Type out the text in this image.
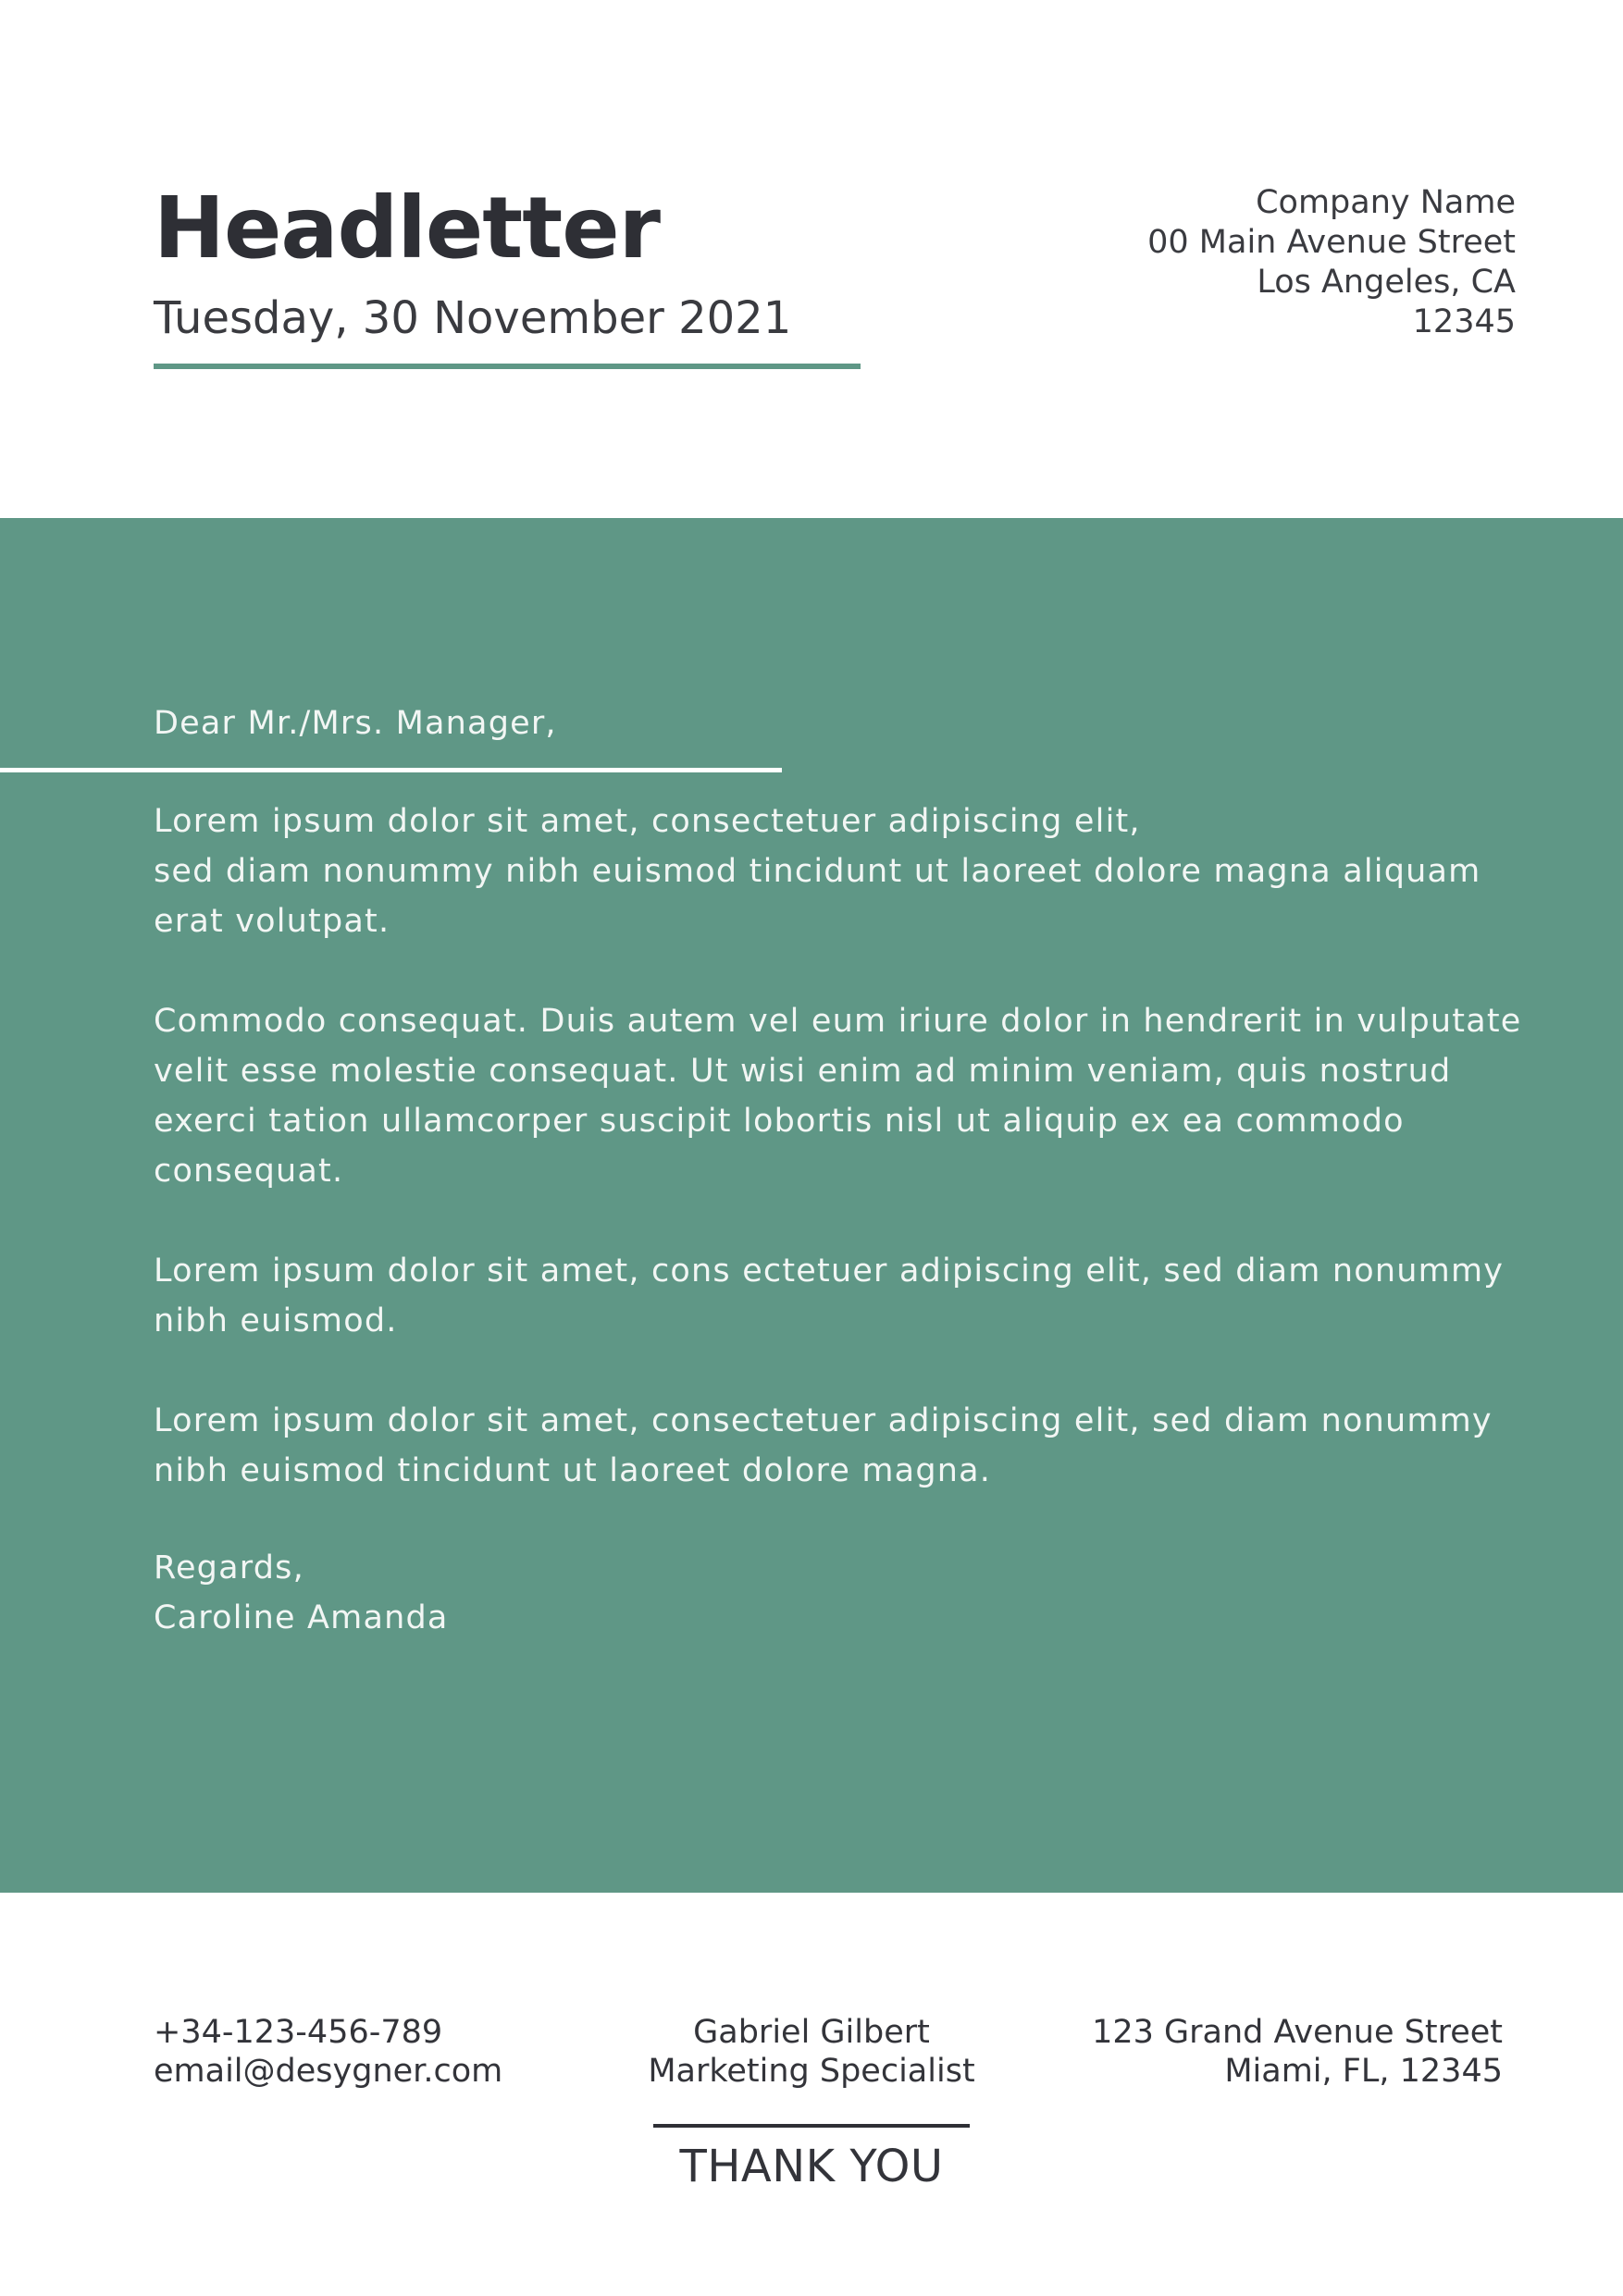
Headletter
Tuesday, 30 November 2021
Company Name
00 Main Avenue Street
Los Angeles, CA
12345
Dear Mr./Mrs. Manager,

Lorem ipsum dolor sit amet, consectetuer adipiscing elit,
sed diam nonummy nibh euismod tincidunt ut laoreet dolore magna aliquam
erat volutpat.

Commodo consequat. Duis autem vel eum iriure dolor in hendrerit in vulputate
velit esse molestie consequat. Ut wisi enim ad minim veniam, quis nostrud
exerci tation ullamcorper suscipit lobortis nisl ut aliquip ex ea commodo
consequat.

Lorem ipsum dolor sit amet, cons ectetuer adipiscing elit, sed diam nonummy
nibh euismod.

Lorem ipsum dolor sit amet, consectetuer adipiscing elit, sed diam nonummy
nibh euismod tincidunt ut laoreet dolore magna.

Regards,
Caroline Amanda
+34-123-456-789
email@desygner.com
Gabriel Gilbert
Marketing Specialist
123 Grand Avenue Street
Miami, FL, 12345
THANK YOU
